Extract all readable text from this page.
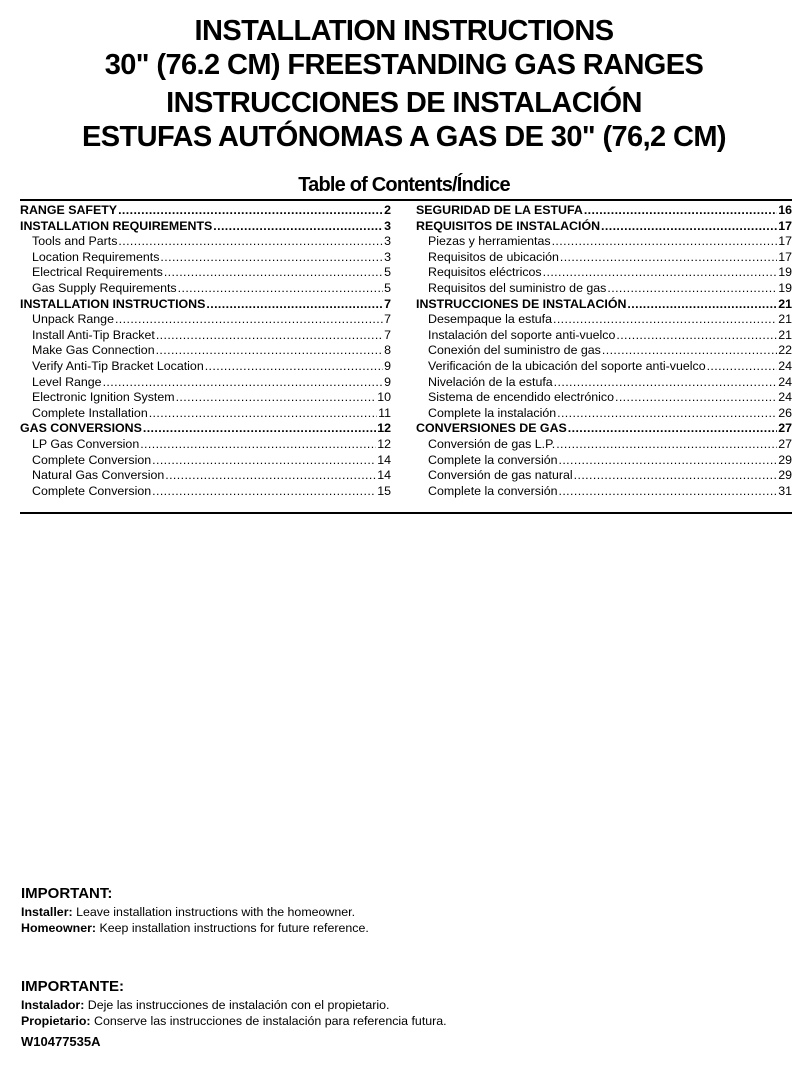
INSTALLATION INSTRUCTIONS
30" (76.2 CM) FREESTANDING GAS RANGES
INSTRUCCIONES DE INSTALACIÓN
ESTUFAS AUTÓNOMAS A GAS DE 30" (76,2 CM)
Table of Contents/Índice
RANGE SAFETY .....	2
INSTALLATION REQUIREMENTS .....	3
Tools and Parts .....	3
Location Requirements .....	3
Electrical Requirements .....	5
Gas Supply Requirements .....	5
INSTALLATION INSTRUCTIONS .....	7
Unpack Range .....	7
Install Anti-Tip Bracket .....	7
Make Gas Connection .....	8
Verify Anti-Tip Bracket Location .....	9
Level Range .....	9
Electronic Ignition System .....	10
Complete Installation .....	11
GAS CONVERSIONS .....	12
LP Gas Conversion .....	12
Complete Conversion .....	14
Natural Gas Conversion .....	14
Complete Conversion .....	15
SEGURIDAD DE LA ESTUFA .....	16
REQUISITOS DE INSTALACIÓN .....	17
Piezas y herramientas .....	17
Requisitos de ubicación .....	17
Requisitos eléctricos .....	19
Requisitos del suministro de gas .....	19
INSTRUCCIONES DE INSTALACIÓN .....	21
Desempaque la estufa .....	21
Instalación del soporte anti-vuelco .....	21
Conexión del suministro de gas .....	22
Verificación de la ubicación del soporte anti-vuelco .....	24
Nivelación de la estufa .....	24
Sistema de encendido electrónico .....	24
Complete la instalación .....	26
CONVERSIONES DE GAS .....	27
Conversión de gas L.P. .....	27
Complete la conversión .....	29
Conversión de gas natural .....	29
Complete la conversión .....	31
IMPORTANT:
Installer: Leave installation instructions with the homeowner.
Homeowner: Keep installation instructions for future reference.
IMPORTANTE:
Instalador: Deje las instrucciones de instalación con el propietario.
Propietario: Conserve las instrucciones de instalación para referencia futura.
W10477535A
